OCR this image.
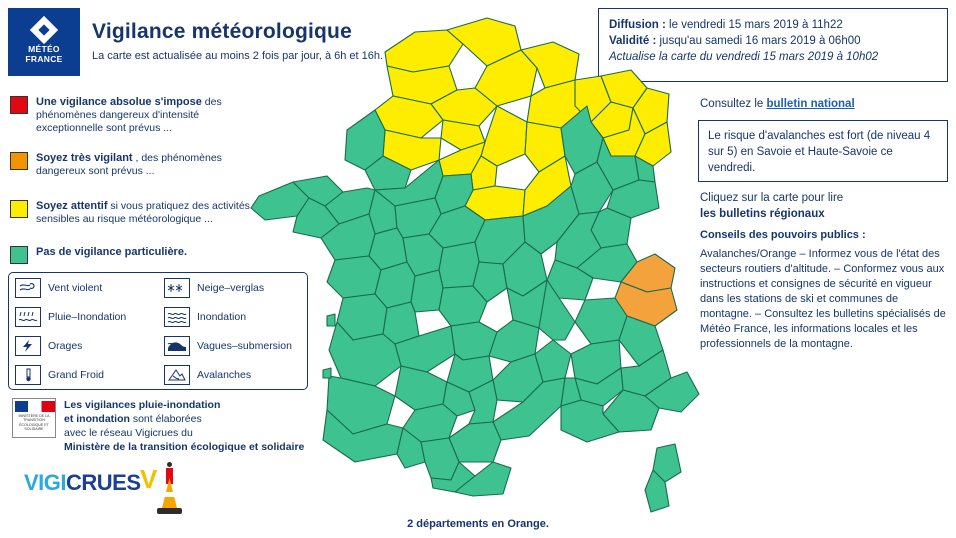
MÉTÉO
FRANCE
Vigilance météorologique
La carte est actualisée au moins 2 fois par jour, à 6h et 16h.
Diffusion : le vendredi 15 mars 2019 à 11h22
Validité : jusqu'au samedi 16 mars 2019 à 06h00
Actualise la carte du vendredi 15 mars 2019 à 10h02
Une vigilance absolue s'impose des phénomènes dangereux d'intensité exceptionnelle sont prévus ...
Soyez très vigilant , des phénomènes dangereux sont prévus ...
Soyez attentif si vous pratiquez des activités sensibles au risque météorologique ...
Pas de vigilance particulière.
Vent violent	Neige–verglas
Pluie–Inondation	Inondation
Orages	Vagues–submersion
Grand Froid	Avalanches
MINISTÈRE DE LA TRANSITION ÉCOLOGIQUE ET SOLIDAIRE
Les vigilances pluie-inondation
et inondation sont élaborées
avec le réseau Vigicrues du
Ministère de la transition écologique et solidaire
VIGICRUES V
Consultez le bulletin national
Le risque d'avalanches est fort (de niveau 4 sur 5) en Savoie et Haute-Savoie ce vendredi.
Cliquez sur la carte pour lire
les bulletins régionaux
Conseils des pouvoirs publics :
Avalanches/Orange – Informez vous de l'état des secteurs routiers d'altitude. – Conformez vous aux instructions et consignes de sécurité en vigueur dans les stations de ski et communes de montagne. – Consultez les bulletins spécialisés de Météo France, les informations locales et les professionnels de la montagne.
2 départements en Orange.
